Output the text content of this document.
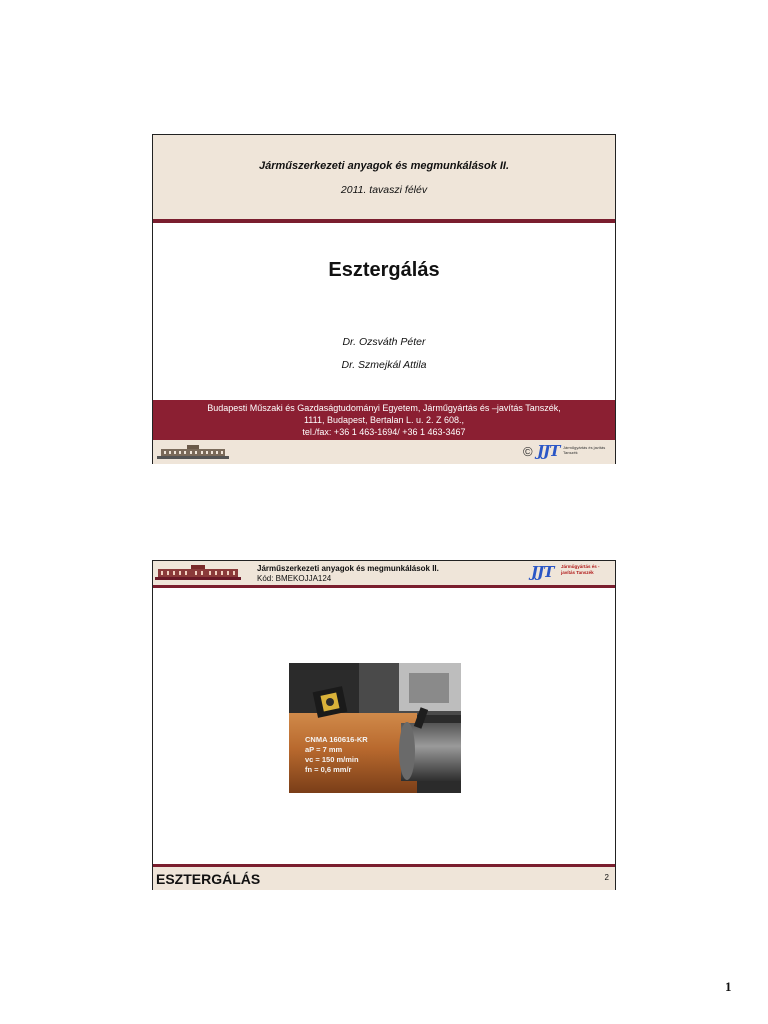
Járműszerkezeti anyagok és megmunkálások II.
2011. tavaszi félév
Esztergálás
Dr. Ozsváth Péter
Dr. Szmejkál Attila
Budapesti Műszaki és Gazdaságtudományi Egyetem, Járműgyártás és –javítás Tanszék,
1111, Budapest, Bertalan L. u. 2. Z 608.,
tel./fax: +36 1 463-1694/ +36 1 463-3467
© JJT Járműgyártás és javítás Tanszék
Járműszerkezeti anyagok és megmunkálások II.
Kód: BMEKOJJA124	JJT Járműgyártás és -javítás Tanszék
CNMA 160616-KR
aP = 7 mm
vc = 150 m/min
fn = 0,6 mm/r
ESZTERGÁLÁS	2
1
